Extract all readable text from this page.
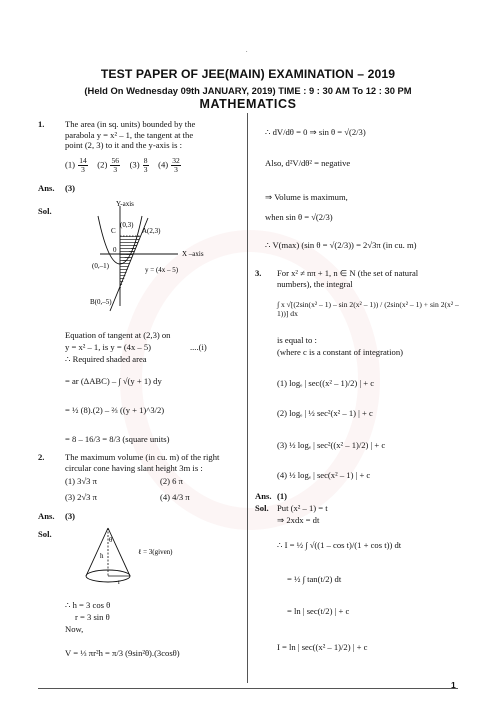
.
TEST PAPER OF JEE(MAIN) EXAMINATION – 2019
(Held On Wednesday 09th JANUARY, 2019) TIME : 9 : 30 AM To 12 : 30 PM
MATHEMATICS
1. The area (in sq. units) bounded by the
parabola y = x² – 1, the tangent at the
point (2, 3) to it and the y-axis is :
$(1) \frac{14}{3} (2) \frac{56}{3} (3) \frac{8}{3} (4) \frac{32}{3}$
Ans. (3)
Sol.
Y-axis
X –axis
C
(0,3)
A(2,3)
0
(0,–1)	y = (4x – 5)
B(0,–5)
Equation of tangent at (2,3) on
y = x² – 1, is y = (4x – 5)	....(i)
∴ Required shaded area
= ar (ΔABC) – ∫ √(y + 1) dy
= ½ (8).(2) – ⅔ ((y + 1)^3/2)
= 8 – 16/3 = 8/3 (square units)
2. The maximum volume (in cu. m) of the right
circular cone having slant height 3m is :
(1) 3√3 π	(2) 6 π
(3) 2√3 π	(4) 4/3 π
Ans. (3)
Sol.
θ
h	ℓ = 3(given)
r
∴ h = 3 cos θ
r = 3 sin θ
Now,
V = ⅓ πr²h = π/3 (9sin²θ).(3cosθ)
∴ dV/dθ = 0 ⇒ sin θ = √(2/3)
Also, d²V/dθ² = negative
⇒ Volume is maximum,
when sin θ = √(2/3)
∴ V(max) (sin θ = √(2/3)) = 2√3π (in cu. m)
3. For x² ≠ nπ + 1, n ∈ N (the set of natural
numbers), the integral
∫ x √[(2sin(x² – 1) – sin 2(x² – 1)) / (2sin(x² – 1) + sin 2(x² – 1))] dx
is equal to :
(where c is a constant of integration)
(1) logₑ | sec((x² – 1)/2) | + c
(2) logₑ | ½ sec²(x² – 1) | + c
(3) ½ logₑ | sec²((x² – 1)/2) | + c
(4) ½ logₑ | sec(x² – 1) | + c
Ans. (1)
Sol. Put (x² – 1) = t
⇒ 2xdx = dt
∴ I = ½ ∫ √((1 – cos t)/(1 + cos t)) dt
= ½ ∫ tan(t/2) dt
= ln | sec(t/2) | + c
I = ln | sec((x² – 1)/2) | + c
1
